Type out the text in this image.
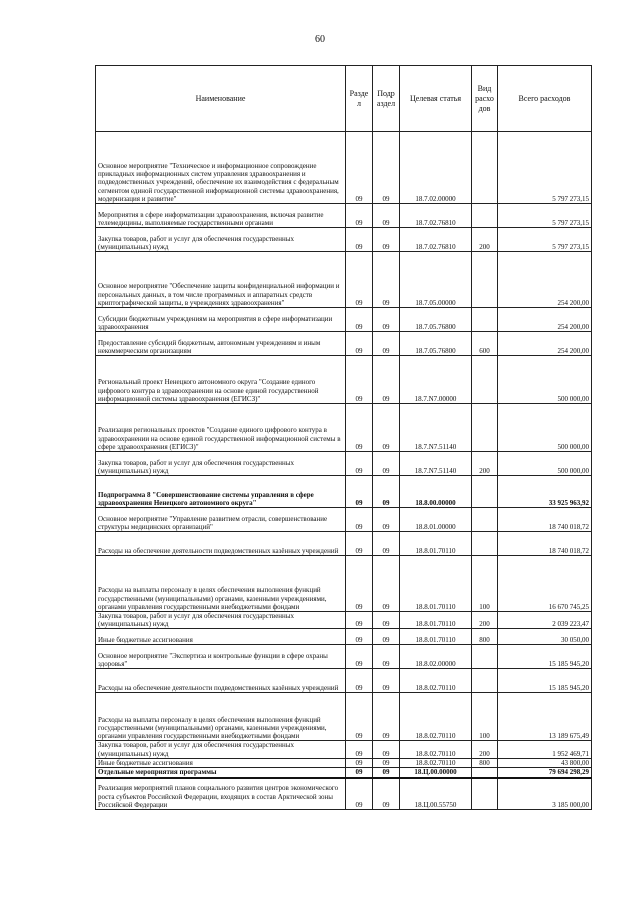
60
Наименование	Разде л	Подр аздел	Целевая статья	Вид расхо дов	Всего расходов
Основное мероприятие "Техническое и информационное сопровождение прикладных информационных систем управления здравоохранения и подведомственных учреждений, обеспечение их взаимодействия с федеральным сегментом единой государственной информационной системы здравоохранения, модернизация и развитие"	09	09	18.7.02.00000		5 797 273,15
Мероприятия в сфере информатизации здравоохранения, включая развитие телемедицины, выполняемые государственными органами	09	09	18.7.02.76810		5 797 273,15
Закупка товаров, работ и услуг для обеспечения государственных (муниципальных) нужд	09	09	18.7.02.76810	200	5 797 273,15
Основное мероприятие "Обеспечение защиты конфиденциальной информации и персональных данных, в том числе программных и аппаратных средств криптографической защиты, в учреждениях здравоохранения"	09	09	18.7.05.00000		254 200,00
Субсидии бюджетным учреждениям на мероприятия в сфере информатизации здравоохранения	09	09	18.7.05.76800		254 200,00
Предоставление субсидий бюджетным, автономным учреждениям и иным некоммерческим организациям	09	09	18.7.05.76800	600	254 200,00
Региональный проект Ненецкого автономного округа "Создание единого цифрового контура в здравоохранении на основе единой государственной информационной системы здравоохранения (ЕГИСЗ)"	09	09	18.7.N7.00000		500 000,00
Реализация региональных проектов "Создание единого цифрового контура в здравоохранении на основе единой государственной информационной системы в сфере здравоохранения (ЕГИСЗ)"	09	09	18.7.N7.51140		500 000,00
Закупка товаров, работ и услуг для обеспечения государственных (муниципальных) нужд	09	09	18.7.N7.51140	200	500 000,00
Подпрограмма 8 "Совершенствование системы управления в сфере здравоохранения Ненецкого автономного округа"	09	09	18.8.00.00000		33 925 963,92
Основное мероприятие "Управление развитием отрасли, совершенствование структуры медицинских организаций"	09	09	18.8.01.00000		18 740 018,72
Расходы на обеспечение деятельности подведомственных казённых учреждений	09	09	18.8.01.70110		18 740 018,72
Расходы на выплаты персоналу в целях обеспечения выполнения функций государственными (муниципальными) органами, казенными учреждениями, органами управления государственными внебюджетными фондами	09	09	18.8.01.70110	100	16 670 745,25
Закупка товаров, работ и услуг для обеспечения государственных (муниципальных) нужд	09	09	18.8.01.70110	200	2 039 223,47
Иные бюджетные ассигнования	09	09	18.8.01.70110	800	30 050,00
Основное мероприятие "Экспертиза и контрольные функции в сфере охраны здоровья"	09	09	18.8.02.00000		15 185 945,20
Расходы на обеспечение деятельности подведомственных казённых учреждений	09	09	18.8.02.70110		15 185 945,20
Расходы на выплаты персоналу в целях обеспечения выполнения функций государственными (муниципальными) органами, казенными учреждениями, органами управления государственными внебюджетными фондами	09	09	18.8.02.70110	100	13 189 675,49
Закупка товаров, работ и услуг для обеспечения государственных (муниципальных) нужд	09	09	18.8.02.70110	200	1 952 469,71
Иные бюджетные ассигнования	09	09	18.8.02.70110	800	43 800,00
Отдельные мероприятия программы	09	09	18.Ц.00.00000		79 694 298,29
Реализация мероприятий планов социального развития центров экономического роста субъектов Российской Федерации, входящих в состав Арктической зоны Российской Федерации	09	09	18.Ц.00.55750		3 185 000,00
